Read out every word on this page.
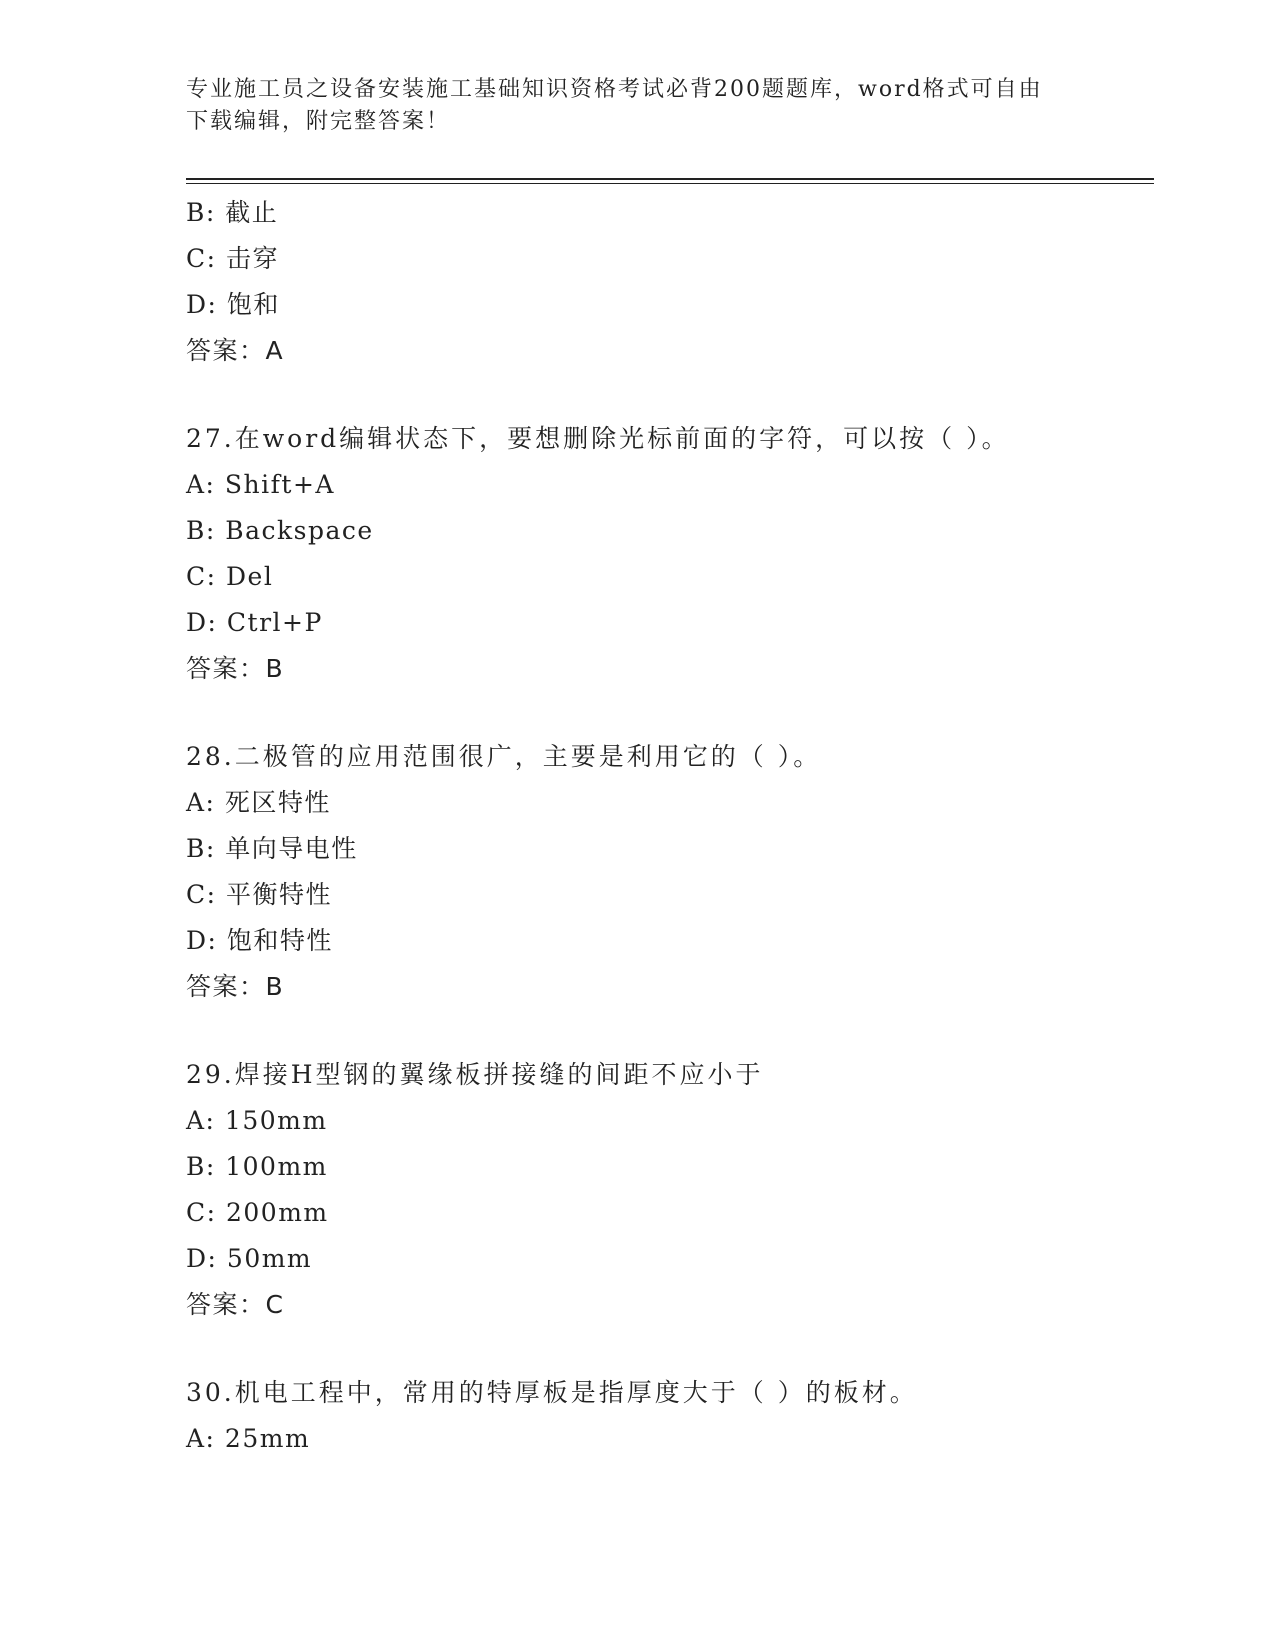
专业施工员之设备安装施工基础知识资格考试必背200题题库，word格式可自由
下载编辑，附完整答案！
B: 截止
C: 击穿
D: 饱和
答案：A
27.在word编辑状态下，要想删除光标前面的字符，可以按（ ）。
A: Shift+A
B: Backspace
C: Del
D: Ctrl+P
答案：B
28.二极管的应用范围很广，主要是利用它的（ ）。
A: 死区特性
B: 单向导电性
C: 平衡特性
D: 饱和特性
答案：B
29.焊接H型钢的翼缘板拼接缝的间距不应小于
A: 150mm
B: 100mm
C: 200mm
D: 50mm
答案：C
30.机电工程中，常用的特厚板是指厚度大于（ ）的板材。
A: 25mm
